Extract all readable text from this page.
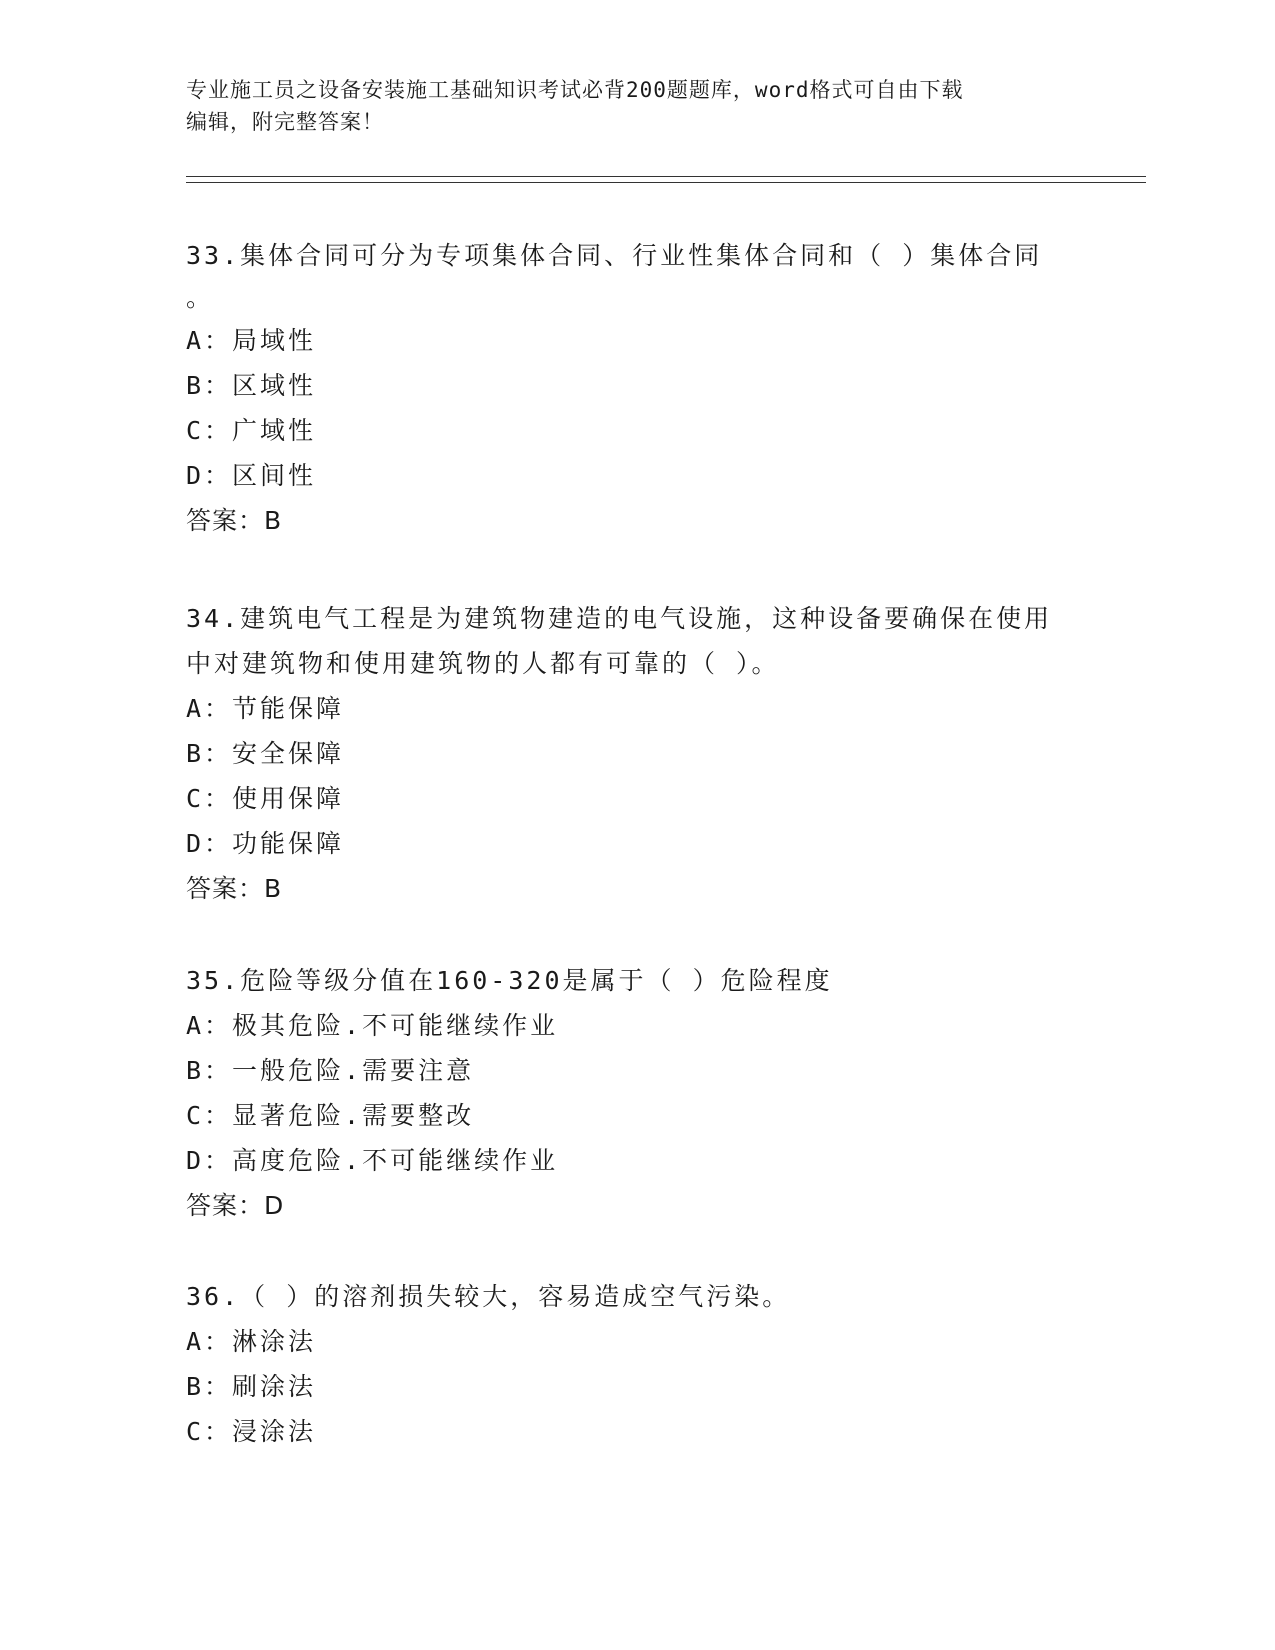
专业施工员之设备安装施工基础知识考试必背200题题库，word格式可自由下载
编辑，附完整答案！

33.集体合同可分为专项集体合同、行业性集体合同和（ ）集体合同

。

A：局域性

B：区域性

C：广域性

D：区间性

答案：B

34.建筑电气工程是为建筑物建造的电气设施，这种设备要确保在使用

中对建筑物和使用建筑物的人都有可靠的（ ）。

A：节能保障

B：安全保障

C：使用保障

D：功能保障

答案：B

35.危险等级分值在160-320是属于（ ）危险程度

A：极其危险.不可能继续作业

B：一般危险.需要注意

C：显著危险.需要整改

D：高度危险.不可能继续作业

答案：D

36.（ ）的溶剂损失较大，容易造成空气污染。

A：淋涂法

B：刷涂法

C：浸涂法
